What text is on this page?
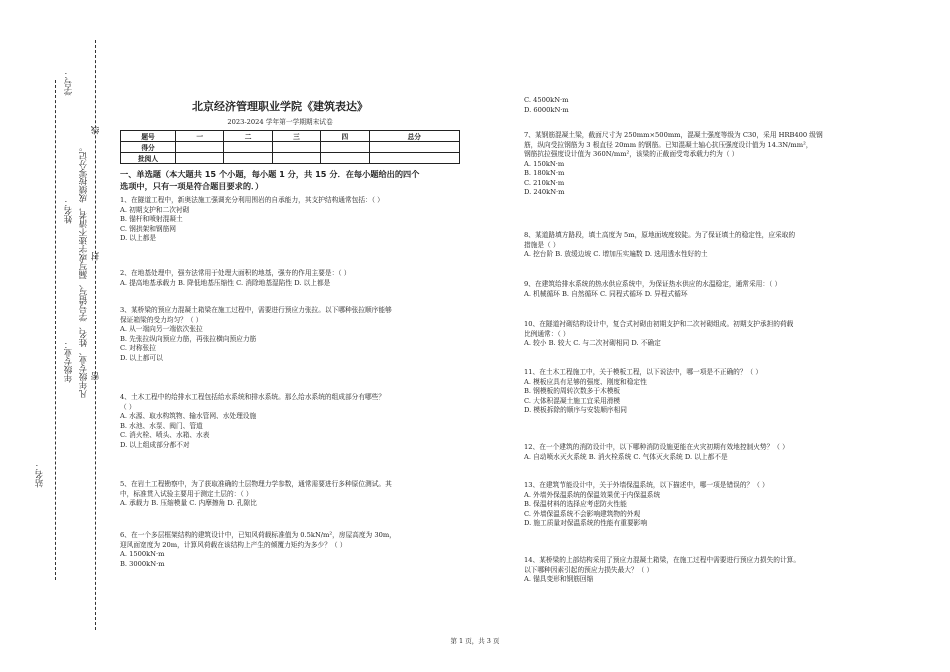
学号：
姓名：
年级专业：
站名：
凡年级专业、姓名、学号错写、漏写或字迹不清者，成绩按零分记。 密
封
线
北京经济管理职业学院《建筑表达》
2023-2024 学年第一学期期末试卷
题号	一	二	三	四	总分
得分					
批阅人					
一、单选题（本大题共 15 个小题，每小题 1 分，共 15 分．在每小题给出的四个
选项中，只有一项是符合题目要求的．）
1、在隧道工程中，新奥法施工强调充分利用围岩的自承能力，其支护结构通常包括：（ ）
A. 初期支护和二次衬砌
B. 锚杆和喷射混凝土
C. 钢拱架和钢筋网
D. 以上都是
2、在地基处理中，强夯法常用于处理大面积的地基，强夯的作用主要是：（ ）
A. 提高地基承载力 B. 降低地基压缩性 C. 消除地基湿陷性 D. 以上都是
3、某桥梁的预应力混凝土箱梁在施工过程中，需要进行预应力张拉。以下哪种张拉顺序能够
保证箱梁的受力均匀？（ ）
A. 从一端向另一端依次张拉
B. 先张拉纵向预应力筋，再张拉横向预应力筋
C. 对称张拉
D. 以上都可以
4、土木工程中的给排水工程包括给水系统和排水系统。那么给水系统的组成部分有哪些？
（ ）
A. 水源、取水构筑物、输水管网、水处理设施
B. 水池、水泵、阀门、管道
C. 消火栓、喷头、水箱、水表
D. 以上组成部分都不对
5、在岩土工程勘察中，为了获取准确的土层物理力学参数，通常需要进行多种原位测试。其
中，标准贯入试验主要用于测定土层的：（ ）
A. 承载力 B. 压缩模量 C. 内摩擦角 D. 孔隙比
6、在一个多层框架结构的建筑设计中，已知风荷载标准值为 0.5kN/m²，房屋高度为 30m，
迎风面宽度为 20m，计算风荷载在该结构上产生的倾覆力矩约为多少？（ ）
A. 1500kN·m
B. 3000kN·m
C. 4500kN·m
D. 6000kN·m
7、某钢筋混凝土梁，截面尺寸为 250mm×500mm，混凝土强度等级为 C30，采用 HRB400 级钢
筋，纵向受拉钢筋为 3 根直径 20mm 的钢筋。已知混凝土轴心抗压强度设计值为 14.3N/mm²，
钢筋抗拉强度设计值为 360N/mm²，该梁的正截面受弯承载力约为（ ）
A. 150kN·m
B. 180kN·m
C. 210kN·m
D. 240kN·m
8、某道路填方路段，填土高度为 5m，原地面坡度较陡。为了保证填土的稳定性，应采取的
措施是（ ）
A. 挖台阶 B. 放缓边坡 C. 增加压实遍数 D. 选用透水性好的土
9、在建筑给排水系统的热水供应系统中，为保证热水供应的水温稳定，通常采用：（ ）
A. 机械循环 B. 自然循环 C. 同程式循环 D. 异程式循环
10、在隧道衬砌结构设计中，复合式衬砌由初期支护和二次衬砌组成。初期支护承担的荷载
比例通常：（ ）
A. 较小 B. 较大 C. 与二次衬砌相同 D. 不确定
11、在土木工程施工中，关于模板工程，以下说法中，哪一项是不正确的？（ ）
A. 模板应具有足够的强度、刚度和稳定性
B. 钢模板的周转次数多于木模板
C. 大体积混凝土施工宜采用滑模
D. 模板拆除的顺序与安装顺序相同
12、在一个建筑的消防设计中，以下哪种消防设施更能在火灾初期有效地控制火势？（ ）
A. 自动喷水灭火系统 B. 消火栓系统 C. 气体灭火系统 D. 以上都不是
13、在建筑节能设计中，关于外墙保温系统，以下描述中，哪一项是错误的？（ ）
A. 外墙外保温系统的保温效果优于内保温系统
B. 保温材料的选择应考虑防火性能
C. 外墙保温系统不会影响建筑物的外观
D. 施工质量对保温系统的性能有重要影响
14、某桥梁的上部结构采用了预应力混凝土箱梁，在施工过程中需要进行预应力损失的计算。
以下哪种因素引起的预应力损失最大？（ ）
A. 锚具变形和钢筋回缩
第 1 页，共 3 页
